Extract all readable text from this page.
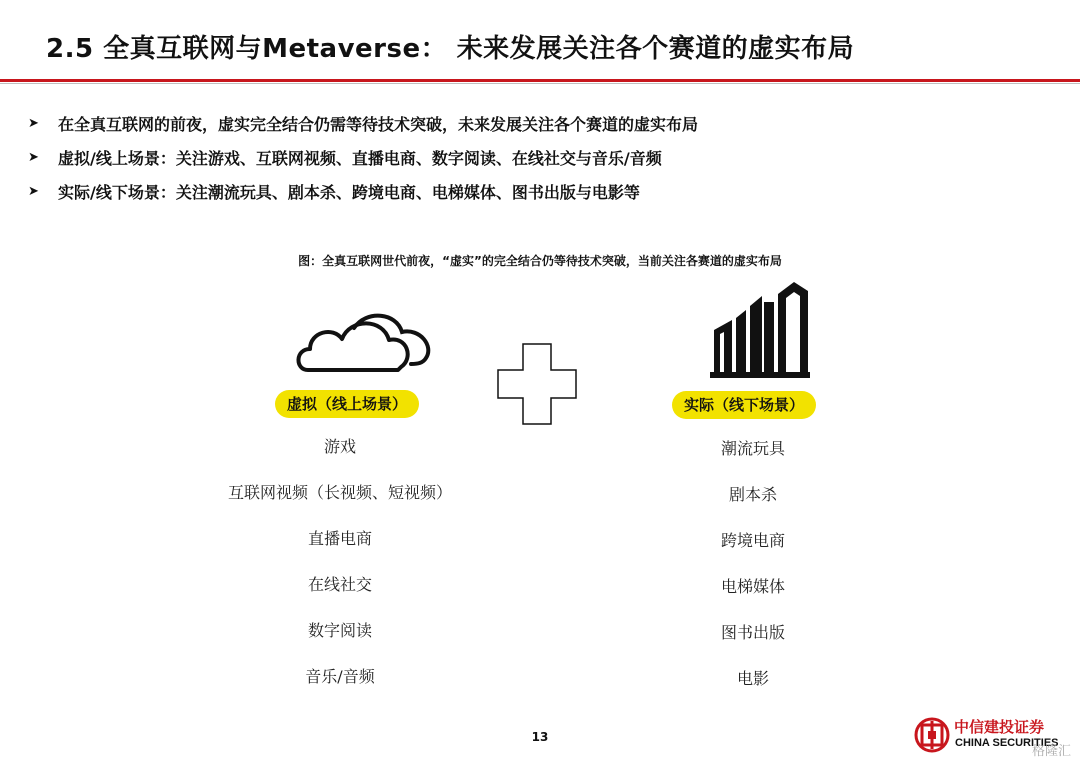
2.5 全真互联网与Metaverse： 未来发展关注各个赛道的虚实布局
➤	在全真互联网的前夜，虚实完全结合仍需等待技术突破，未来发展关注各个赛道的虚实布局
➤	虚拟/线上场景：关注游戏、互联网视频、直播电商、数字阅读、在线社交与音乐/音频
➤	实际/线下场景：关注潮流玩具、剧本杀、跨境电商、电梯媒体、图书出版与电影等
图：全真互联网世代前夜，“虚实”的完全结合仍等待技术突破，当前关注各赛道的虚实布局
虚拟（线上场景）	实际（线下场景）
游戏
互联网视频（长视频、短视频）
直播电商
在线社交
数字阅读
音乐/音频
潮流玩具
剧本杀
跨境电商
电梯媒体
图书出版
电影
13
中信建投证券
CHINA SECURITIES
格隆汇
